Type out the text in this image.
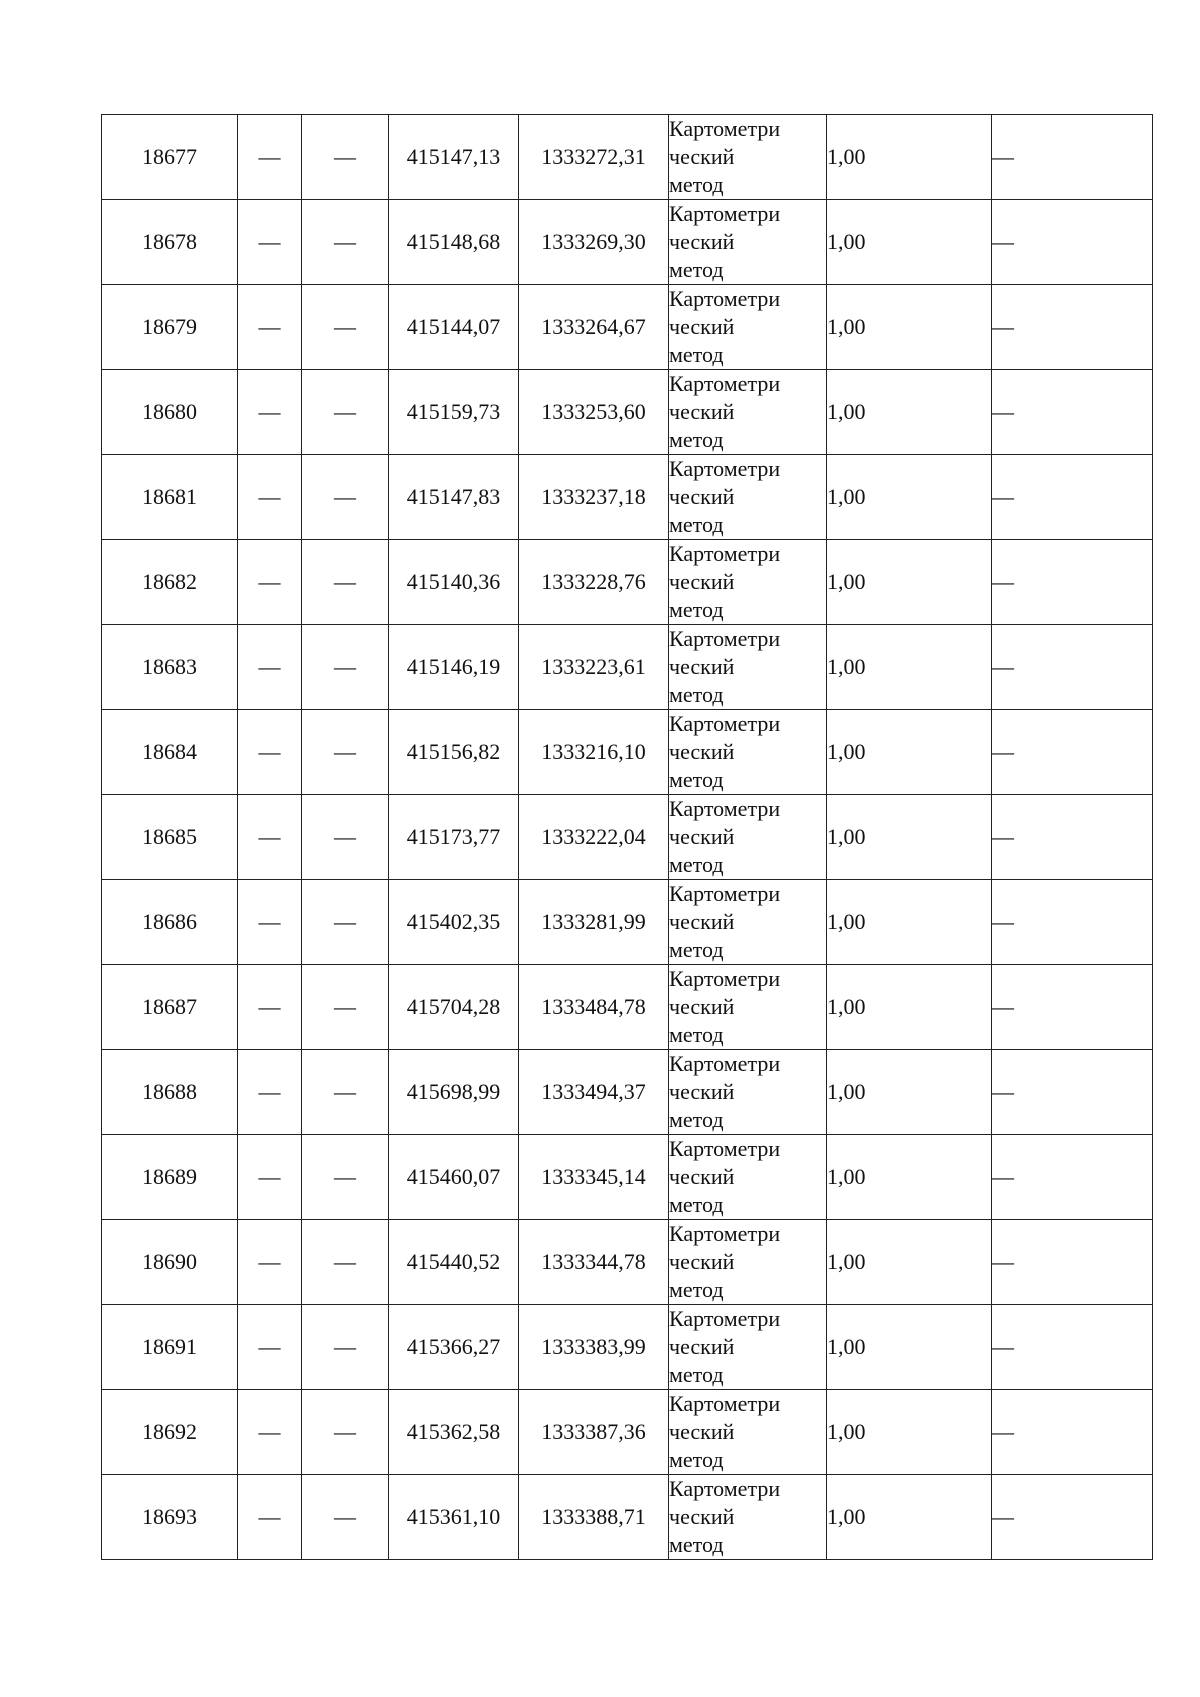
18677	—	—	415147,13	1333272,31	Картометри
ческий
метод	1,00	—
18678	—	—	415148,68	1333269,30	Картометри
ческий
метод	1,00	—
18679	—	—	415144,07	1333264,67	Картометри
ческий
метод	1,00	—
18680	—	—	415159,73	1333253,60	Картометри
ческий
метод	1,00	—
18681	—	—	415147,83	1333237,18	Картометри
ческий
метод	1,00	—
18682	—	—	415140,36	1333228,76	Картометри
ческий
метод	1,00	—
18683	—	—	415146,19	1333223,61	Картометри
ческий
метод	1,00	—
18684	—	—	415156,82	1333216,10	Картометри
ческий
метод	1,00	—
18685	—	—	415173,77	1333222,04	Картометри
ческий
метод	1,00	—
18686	—	—	415402,35	1333281,99	Картометри
ческий
метод	1,00	—
18687	—	—	415704,28	1333484,78	Картометри
ческий
метод	1,00	—
18688	—	—	415698,99	1333494,37	Картометри
ческий
метод	1,00	—
18689	—	—	415460,07	1333345,14	Картометри
ческий
метод	1,00	—
18690	—	—	415440,52	1333344,78	Картометри
ческий
метод	1,00	—
18691	—	—	415366,27	1333383,99	Картометри
ческий
метод	1,00	—
18692	—	—	415362,58	1333387,36	Картометри
ческий
метод	1,00	—
18693	—	—	415361,10	1333388,71	Картометри
ческий
метод	1,00	—
